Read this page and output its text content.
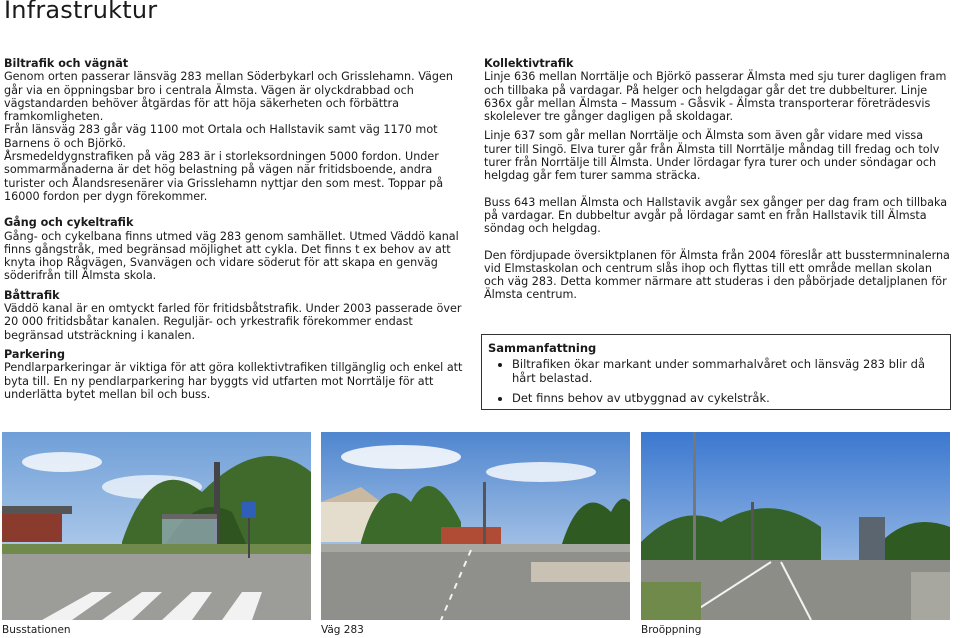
Infrastruktur
Biltrafik och vägnät

Genom orten passerar länsväg 283 mellan Söderbykarl och Grisslehamn. Vägen går via en öppningsbar bro i centrala Älmsta. Vägen är olyckdrabbad och vägstandarden behöver åtgärdas för att höja säkerheten och förbättra framkomligheten.

Från länsväg 283 går väg 1100 mot Ortala och Hallstavik samt väg 1170 mot Barnens ö och Björkö.

Årsmedeldygnstrafiken på väg 283 är i storleksordningen 5000 fordon. Under sommarmånaderna är det hög belastning på vägen när fritidsboende, andra turister och Ålandsresenärer via Grisslehamn nyttjar den som mest. Toppar på 16000 fordon per dygn förekommer.

Gång och cykeltrafik

Gång- och cykelbana finns utmed väg 283 genom samhället. Utmed Väddö kanal finns gångstråk, med begränsad möjlighet att cykla. Det finns t ex behov av att knyta ihop Rågvägen, Svanvägen och vidare söderut för att skapa en genväg söderifrån till Älmsta skola.

Båttrafik

Väddö kanal är en omtyckt farled för fritidsbåtstrafik. Under 2003 passerade över 20 000 fritidsbåtar kanalen. Reguljär- och yrkestrafik förekommer endast begränsad utsträckning i kanalen.

Parkering

Pendlarparkeringar är viktiga för att göra kollektivtrafiken tillgänglig och enkel att byta till. En ny pendlarparkering har byggts vid utfarten mot Norrtälje för att underlätta bytet mellan bil och buss.

Kollektivtrafik

Linje 636 mellan Norrtälje och Björkö passerar Älmsta med sju turer dagligen fram och tillbaka på vardagar. På helger och helgdagar går det tre dubbelturer. Linje 636x går mellan Älmsta – Massum - Gåsvik - Älmsta transporterar företrädesvis skolelever tre gånger dagligen på skoldagar.

Linje 637 som går mellan Norrtälje och Älmsta som även går vidare med vissa turer till Singö. Elva turer går från Älmsta till Norrtälje måndag till fredag och tolv turer från Norrtälje till Älmsta. Under lördagar fyra turer och under söndagar och helgdag går fem turer samma sträcka.

Buss 643 mellan Älmsta och Hallstavik avgår sex gånger per dag fram och tillbaka på vardagar. En dubbeltur avgår på lördagar samt en från Hallstavik till Älmsta söndag och helgdag.

Den fördjupade översiktplanen för Älmsta från 2004 föreslår att busstermninalerna vid Elmstaskolan och centrum slås ihop och flyttas till ett område mellan skolan och väg 283. Detta kommer närmare att studeras i den påbörjade detaljplanen för Älmsta centrum.

Sammanfattning
• Biltrafiken ökar markant under sommarhalvåret och länsväg 283 blir då hårt belastad.
• Det finns behov av utbyggnad av cykelstråk.
Busstationen	Väg 283	Broöppning
